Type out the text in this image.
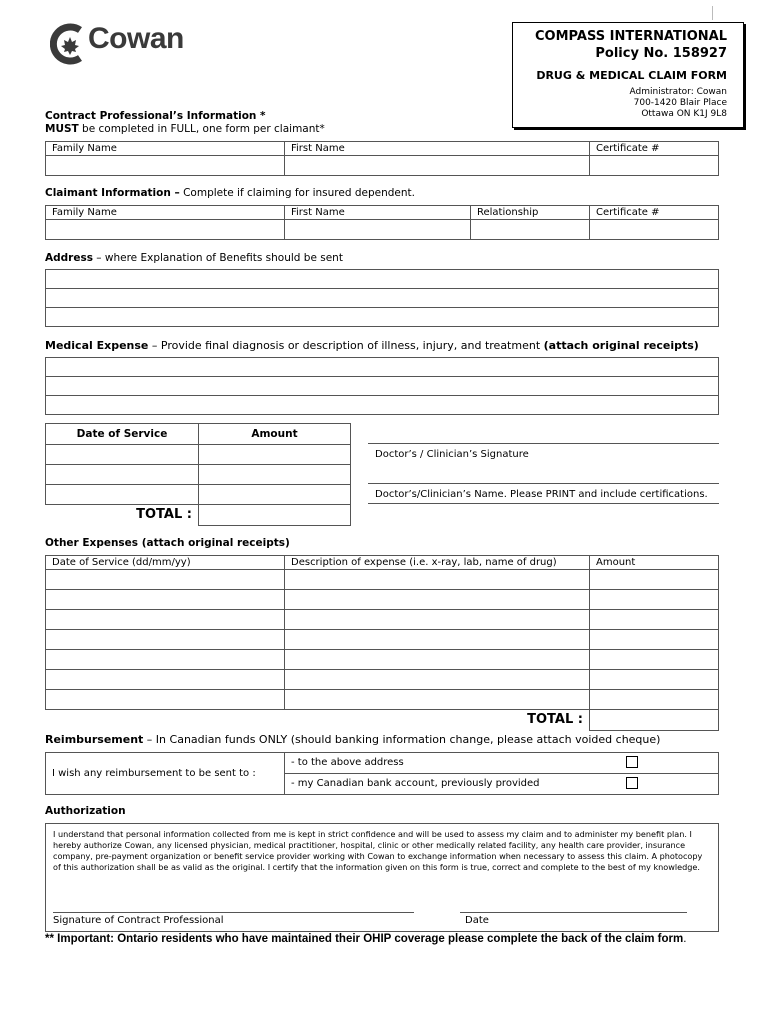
Cowan	COMPASS INTERNATIONAL
Policy No. 158927
DRUG & MEDICAL CLAIM FORM
Administrator: Cowan
700-1420 Blair Place
Ottawa ON K1J 9L8
Contract Professional’s Information *
MUST be completed in FULL, one form per claimant*
Family Name	First Name	Certificate #

Claimant Information – Complete if claiming for insured dependent.
Family Name	First Name	Relationship	Certificate #

Address – where Explanation of Benefits should be sent

Medical Expense – Provide final diagnosis or description of illness, injury, and treatment (attach original receipts)

Date of Service	Amount

TOTAL :	
Doctor’s / Clinician’s Signature
Doctor’s/Clinician’s Name. Please PRINT and include certifications.
Other Expenses (attach original receipts)
Date of Service (dd/mm/yy)	Description of expense (i.e. x-ray, lab, name of drug)	Amount

	TOTAL :	
Reimbursement – In Canadian funds ONLY (should banking information change, please attach voided cheque)
I wish any reimbursement to be sent to :	- to the above address
- my Canadian bank account, previously provided
Authorization
I understand that personal information collected from me is kept in strict confidence and will be used to assess my claim and to administer my benefit plan. I hereby authorize Cowan, any licensed physician, medical practitioner, hospital, clinic or other medically related facility, any health care provider, insurance company, pre-payment organization or benefit service provider working with Cowan to exchange information when necessary to assess this claim. A photocopy of this authorization shall be as valid as the original. I certify that the information given on this form is true, correct and complete to the best of my knowledge.
Signature of Contract Professional	Date
** Important: Ontario residents who have maintained their OHIP coverage please complete the back of the claim form.
